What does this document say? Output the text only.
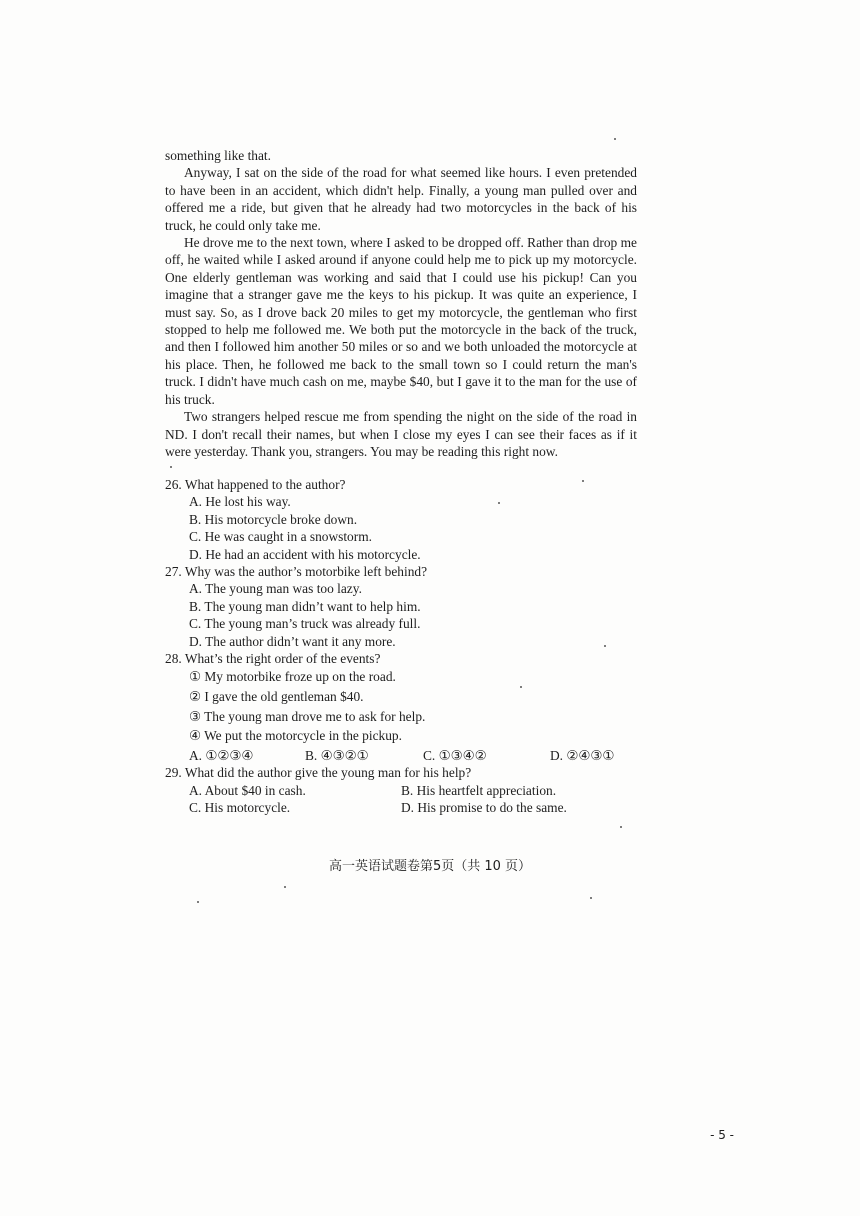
something like that.

Anyway, I sat on the side of the road for what seemed like hours. I even pretended to have been in an accident, which didn't help. Finally, a young man pulled over and offered me a ride, but given that he already had two motorcycles in the back of his truck, he could only take me.

He drove me to the next town, where I asked to be dropped off. Rather than drop me off, he waited while I asked around if anyone could help me to pick up my motorcycle. One elderly gentleman was working and said that I could use his pickup! Can you imagine that a stranger gave me the keys to his pickup. It was quite an experience, I must say. So, as I drove back 20 miles to get my motorcycle, the gentleman who first stopped to help me followed me. We both put the motorcycle in the back of the truck, and then I followed him another 50 miles or so and we both unloaded the motorcycle at his place. Then, he followed me back to the small town so I could return the man's truck. I didn't have much cash on me, maybe $40, but I gave it to the man for the use of his truck.

Two strangers helped rescue me from spending the night on the side of the road in ND. I don't recall their names, but when I close my eyes I can see their faces as if it were yesterday. Thank you, strangers. You may be reading this right now.

26. What happened to the author?

A. He lost his way.

B. His motorcycle broke down.

C. He was caught in a snowstorm.

D. He had an accident with his motorcycle.

27. Why was the author’s motorbike left behind?

A. The young man was too lazy.

B. The young man didn’t want to help him.

C. The young man’s truck was already full.

D. The author didn’t want it any more.

28. What’s the right order of the events?

① My motorbike froze up on the road.

② I gave the old gentleman $40.

③ The young man drove me to ask for help.

④ We put the motorcycle in the pickup.

A. ①②③④	B. ④③②①	C. ①③④②	D. ②④③①

29. What did the author give the young man for his help?

A. About $40 in cash.	B. His heartfelt appreciation.
C. His motorcycle.	D. His promise to do the same.
高一英语试题卷第5页（共 10 页）
- 5 -
